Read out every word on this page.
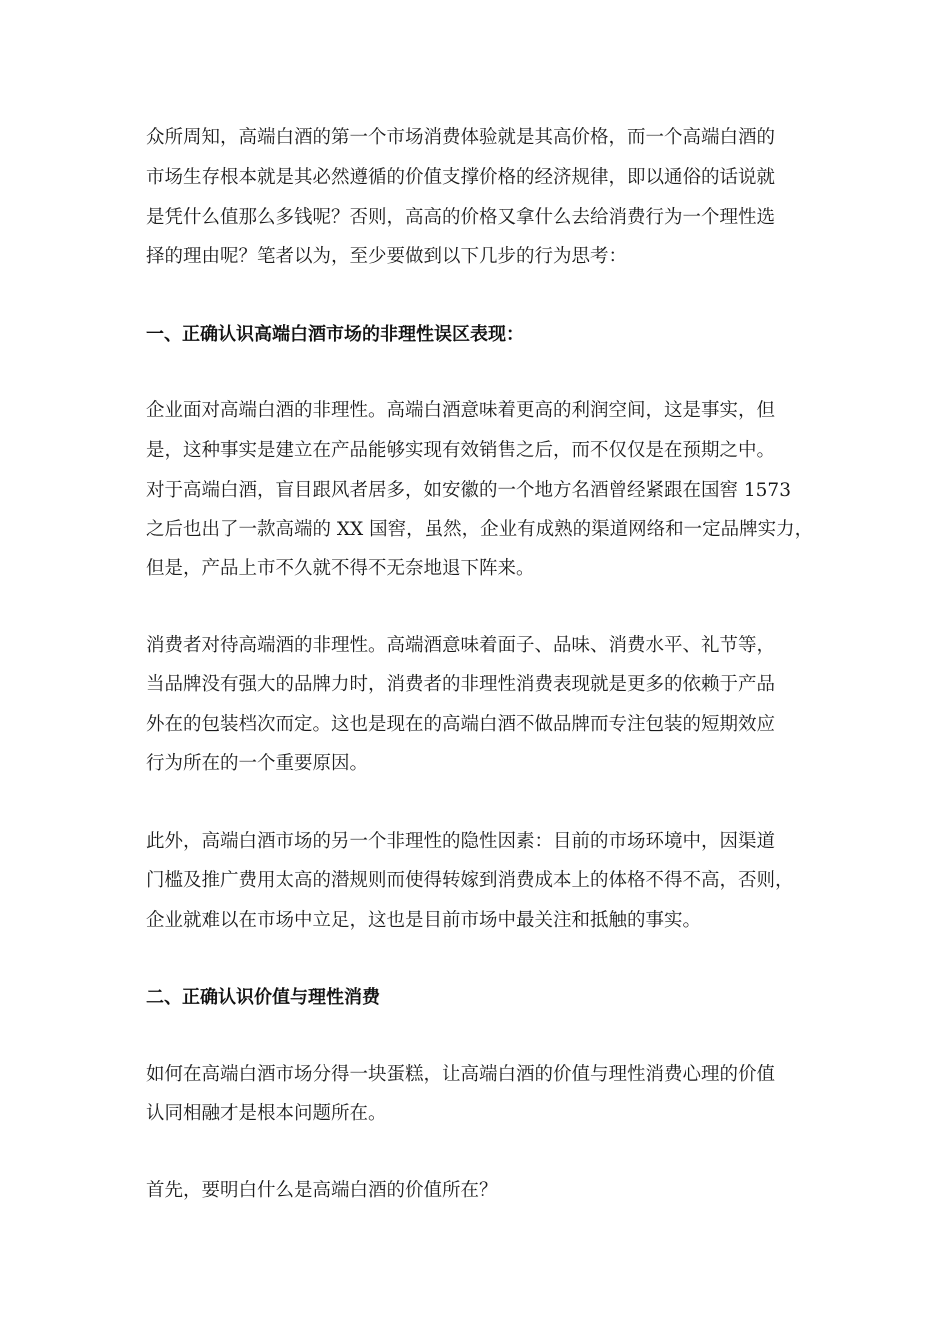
众所周知，高端白酒的第一个市场消费体验就是其高价格，而一个高端白酒的
市场生存根本就是其必然遵循的价值支撑价格的经济规律，即以通俗的话说就
是凭什么值那么多钱呢？否则，高高的价格又拿什么去给消费行为一个理性选
择的理由呢？笔者以为，至少要做到以下几步的行为思考：
一、正确认识高端白酒市场的非理性误区表现：
企业面对高端白酒的非理性。高端白酒意味着更高的利润空间，这是事实，但
是，这种事实是建立在产品能够实现有效销售之后，而不仅仅是在预期之中。
对于高端白酒，盲目跟风者居多，如安徽的一个地方名酒曾经紧跟在国窖 1573
之后也出了一款高端的 XX 国窖，虽然，企业有成熟的渠道网络和一定品牌实力，
但是，产品上市不久就不得不无奈地退下阵来。
消费者对待高端酒的非理性。高端酒意味着面子、品味、消费水平、礼节等，
当品牌没有强大的品牌力时，消费者的非理性消费表现就是更多的依赖于产品
外在的包装档次而定。这也是现在的高端白酒不做品牌而专注包装的短期效应
行为所在的一个重要原因。
此外，高端白酒市场的另一个非理性的隐性因素：目前的市场环境中，因渠道
门槛及推广费用太高的潜规则而使得转嫁到消费成本上的体格不得不高，否则，
企业就难以在市场中立足，这也是目前市场中最关注和抵触的事实。
二、正确认识价值与理性消费
如何在高端白酒市场分得一块蛋糕，让高端白酒的价值与理性消费心理的价值
认同相融才是根本问题所在。
首先，要明白什么是高端白酒的价值所在？
